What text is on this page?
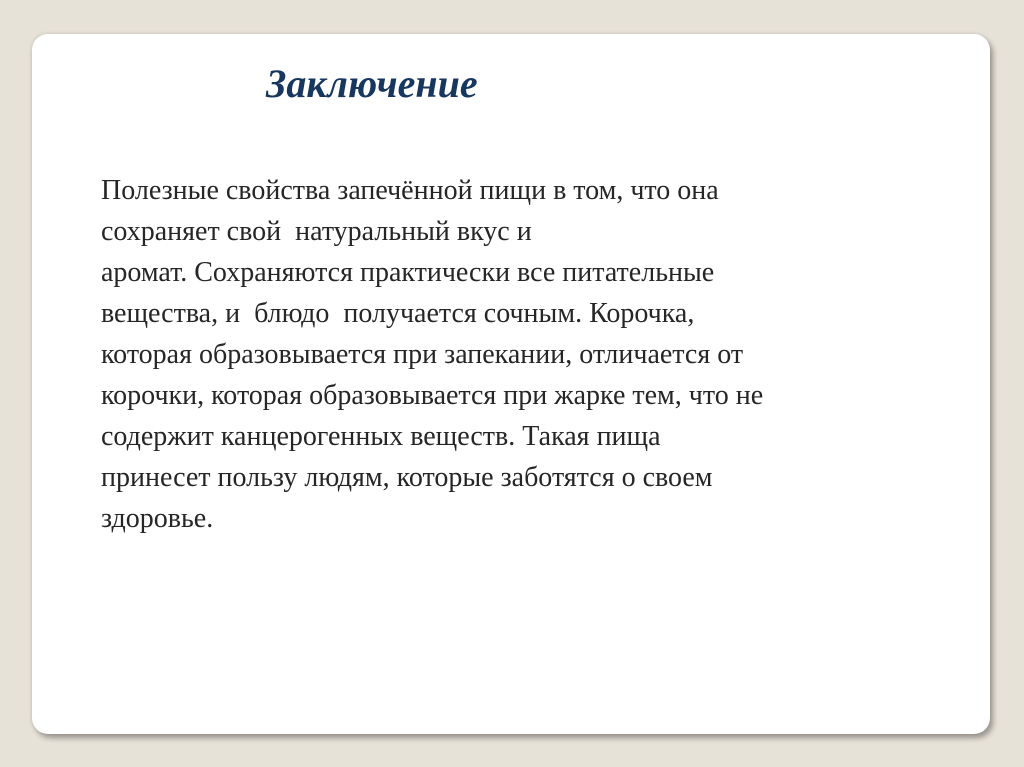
Заключение

Полезные свойства запечённой пищи в том, что она
сохраняет свой  натуральный вкус и
аромат. Сохраняются практически все питательные
вещества, и  блюдо  получается сочным. Корочка,
которая образовывается при запекании, отличается от
корочки, которая образовывается при жарке тем, что не
содержит канцерогенных веществ. Такая пища
принесет пользу людям, которые заботятся о своем
здоровье.
